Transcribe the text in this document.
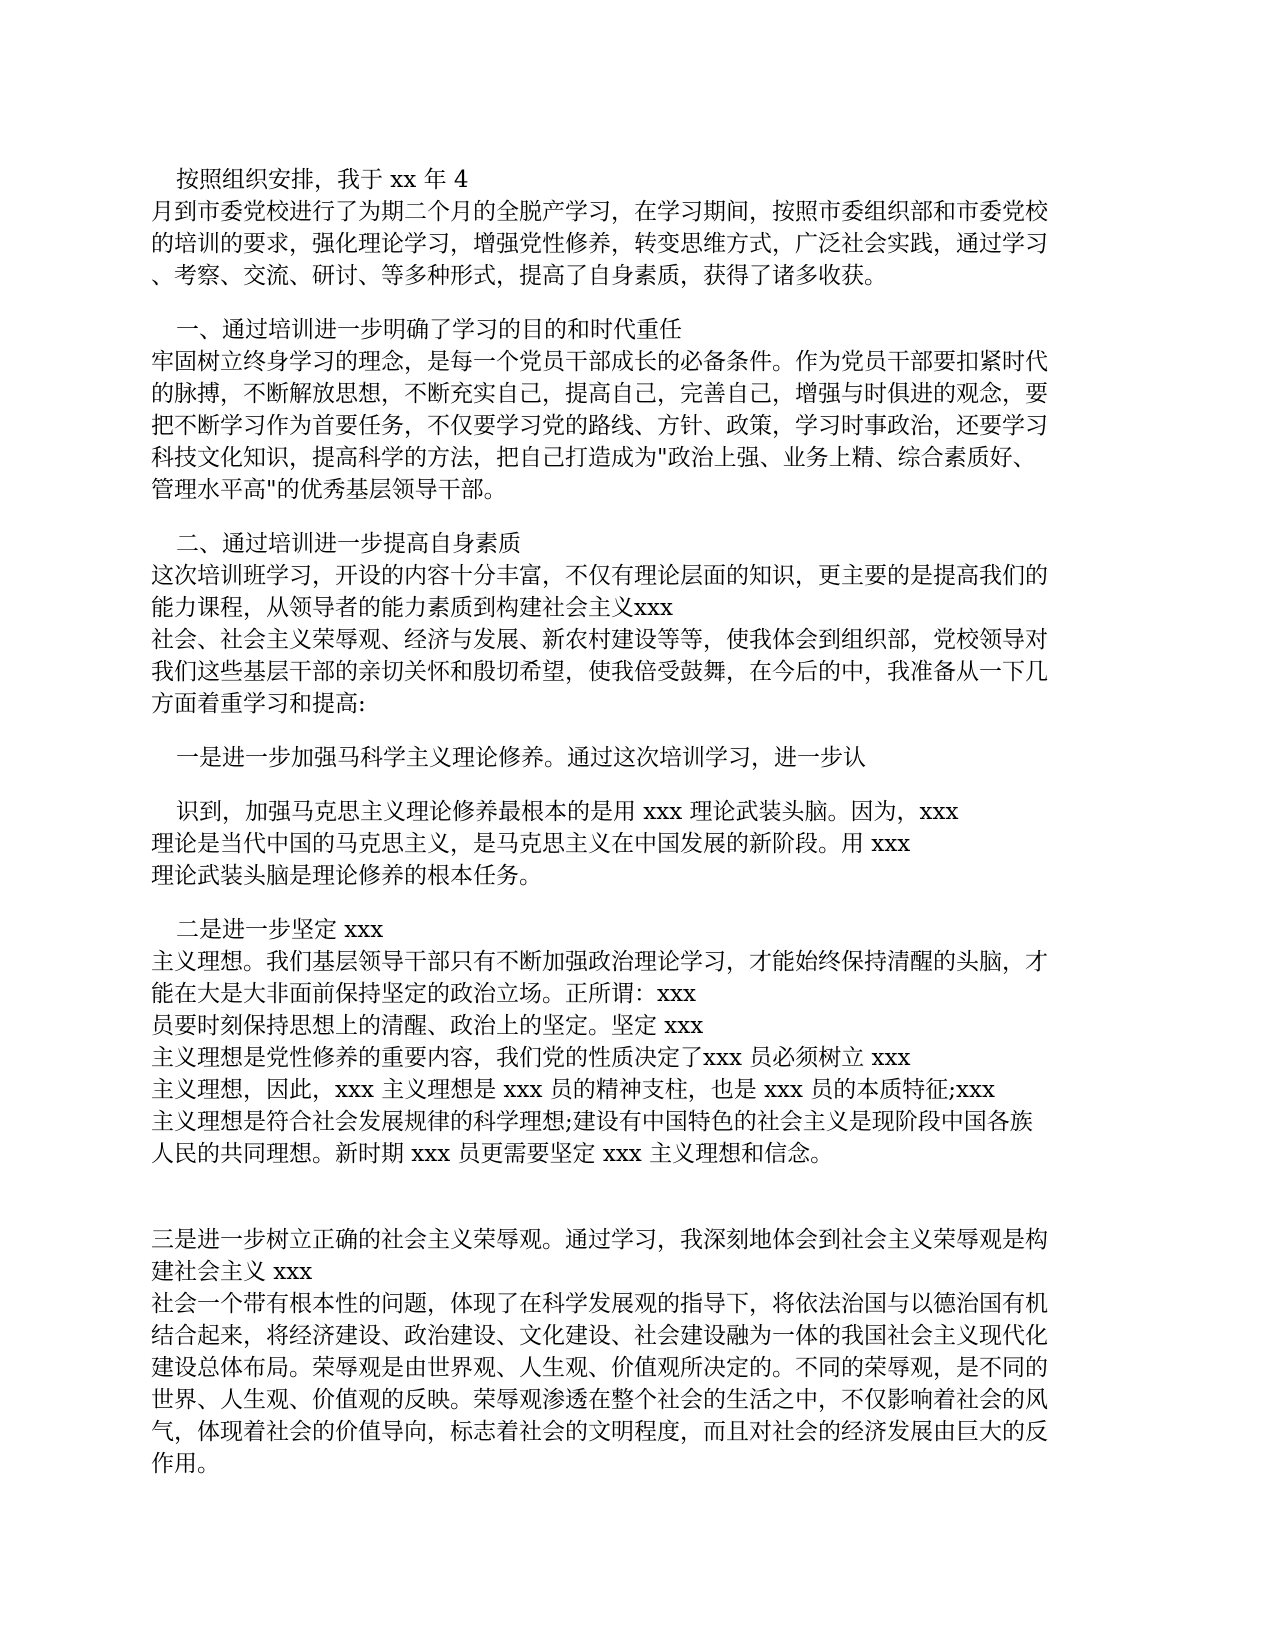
按照组织安排，我于 xx 年 4

月到市委党校进行了为期二个月的全脱产学习，在学习期间，按照市委组织部和市委党校

的培训的要求，强化理论学习，增强党性修养，转变思维方式，广泛社会实践，通过学习

、考察、交流、研讨、等多种形式，提高了自身素质，获得了诸多收获。

一、通过培训进一步明确了学习的目的和时代重任

牢固树立终身学习的理念，是每一个党员干部成长的必备条件。作为党员干部要扣紧时代

的脉搏，不断解放思想，不断充实自己，提高自己，完善自己，增强与时俱进的观念，要

把不断学习作为首要任务，不仅要学习党的路线、方针、政策，学习时事政治，还要学习

科技文化知识，提高科学的方法，把自己打造成为"政治上强、业务上精、综合素质好、

管理水平高"的优秀基层领导干部。

二、通过培训进一步提高自身素质

这次培训班学习，开设的内容十分丰富，不仅有理论层面的知识，更主要的是提高我们的

能力课程，从领导者的能力素质到构建社会主义xxx

社会、社会主义荣辱观、经济与发展、新农村建设等等，使我体会到组织部，党校领导对

我们这些基层干部的亲切关怀和殷切希望，使我倍受鼓舞，在今后的中，我准备从一下几

方面着重学习和提高:

一是进一步加强马科学主义理论修养。通过这次培训学习，进一步认

识到，加强马克思主义理论修养最根本的是用 xxx 理论武装头脑。因为，xxx

理论是当代中国的马克思主义，是马克思主义在中国发展的新阶段。用 xxx

理论武装头脑是理论修养的根本任务。

二是进一步坚定 xxx

主义理想。我们基层领导干部只有不断加强政治理论学习，才能始终保持清醒的头脑，才

能在大是大非面前保持坚定的政治立场。正所谓：xxx

员要时刻保持思想上的清醒、政治上的坚定。坚定 xxx

主义理想是党性修养的重要内容，我们党的性质决定了xxx 员必须树立 xxx

主义理想，因此，xxx 主义理想是 xxx 员的精神支柱，也是 xxx 员的本质特征;xxx

主义理想是符合社会发展规律的科学理想;建设有中国特色的社会主义是现阶段中国各族

人民的共同理想。新时期 xxx 员更需要坚定 xxx 主义理想和信念。

三是进一步树立正确的社会主义荣辱观。通过学习，我深刻地体会到社会主义荣辱观是构

建社会主义 xxx

社会一个带有根本性的问题，体现了在科学发展观的指导下，将依法治国与以德治国有机

结合起来，将经济建设、政治建设、文化建设、社会建设融为一体的我国社会主义现代化

建设总体布局。荣辱观是由世界观、人生观、价值观所决定的。不同的荣辱观，是不同的

世界、人生观、价值观的反映。荣辱观渗透在整个社会的生活之中，不仅影响着社会的风

气，体现着社会的价值导向，标志着社会的文明程度，而且对社会的经济发展由巨大的反

作用。
